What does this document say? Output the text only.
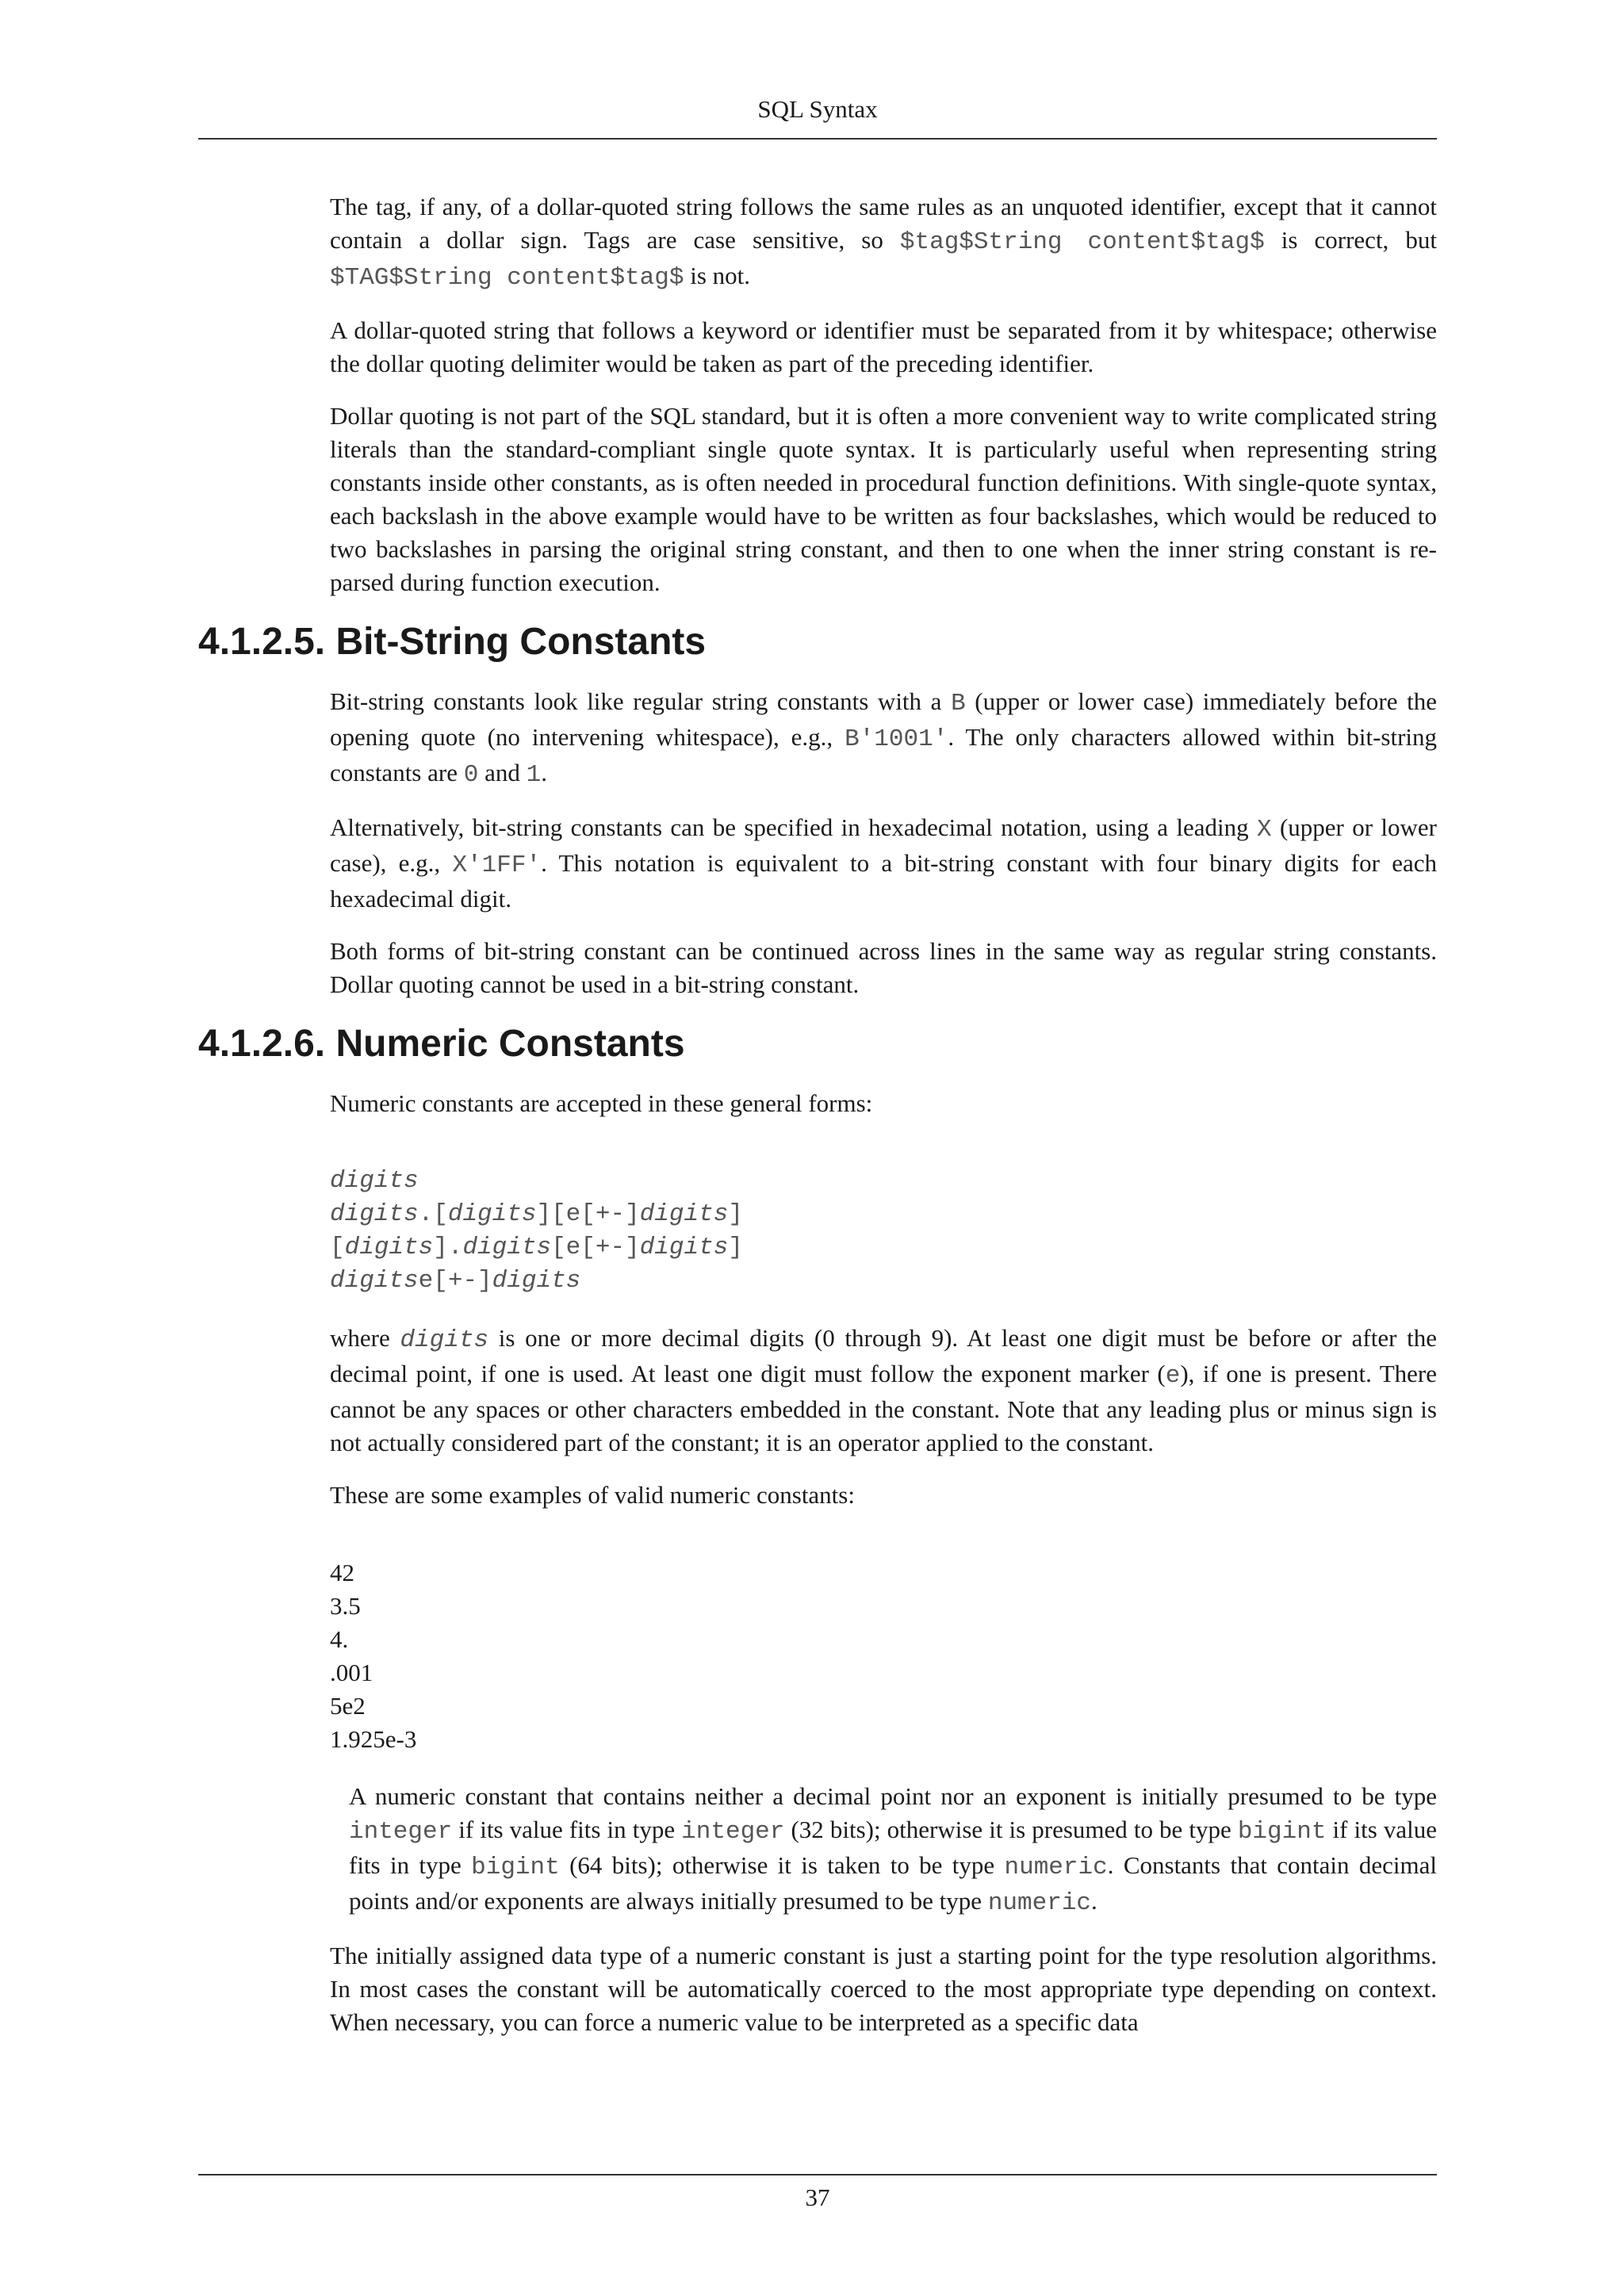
SQL Syntax

The tag, if any, of a dollar-quoted string follows the same rules as an unquoted identifier, except that it cannot contain a dollar sign. Tags are case sensitive, so $tag$String content$tag$ is correct, but $TAG$String content$tag$ is not.

A dollar-quoted string that follows a keyword or identifier must be separated from it by whitespace; otherwise the dollar quoting delimiter would be taken as part of the preceding identifier.

Dollar quoting is not part of the SQL standard, but it is often a more convenient way to write complicated string literals than the standard-compliant single quote syntax. It is particularly useful when representing string constants inside other constants, as is often needed in procedural function definitions. With single-quote syntax, each backslash in the above example would have to be written as four backslashes, which would be reduced to two backslashes in parsing the original string constant, and then to one when the inner string constant is re-parsed during function execution.

4.1.2.5. Bit-String Constants

Bit-string constants look like regular string constants with a B (upper or lower case) immediately before the opening quote (no intervening whitespace), e.g., B'1001'. The only characters allowed within bit-string constants are 0 and 1.

Alternatively, bit-string constants can be specified in hexadecimal notation, using a leading X (upper or lower case), e.g., X'1FF'. This notation is equivalent to a bit-string constant with four binary digits for each hexadecimal digit.

Both forms of bit-string constant can be continued across lines in the same way as regular string constants. Dollar quoting cannot be used in a bit-string constant.

4.1.2.6. Numeric Constants

Numeric constants are accepted in these general forms:

digits
digits.[digits][e[+-]digits]
[digits].digits[e[+-]digits]
digitse[+-]digits

where digits is one or more decimal digits (0 through 9). At least one digit must be before or after the decimal point, if one is used. At least one digit must follow the exponent marker (e), if one is present. There cannot be any spaces or other characters embedded in the constant. Note that any leading plus or minus sign is not actually considered part of the constant; it is an operator applied to the constant.

These are some examples of valid numeric constants:

42
3.5
4.
.001
5e2
1.925e-3

A numeric constant that contains neither a decimal point nor an exponent is initially presumed to be type integer if its value fits in type integer (32 bits); otherwise it is presumed to be type bigint if its value fits in type bigint (64 bits); otherwise it is taken to be type numeric. Constants that contain decimal points and/or exponents are always initially presumed to be type numeric.

The initially assigned data type of a numeric constant is just a starting point for the type resolution algorithms. In most cases the constant will be automatically coerced to the most appropriate type depending on context. When necessary, you can force a numeric value to be interpreted as a specific data

37
